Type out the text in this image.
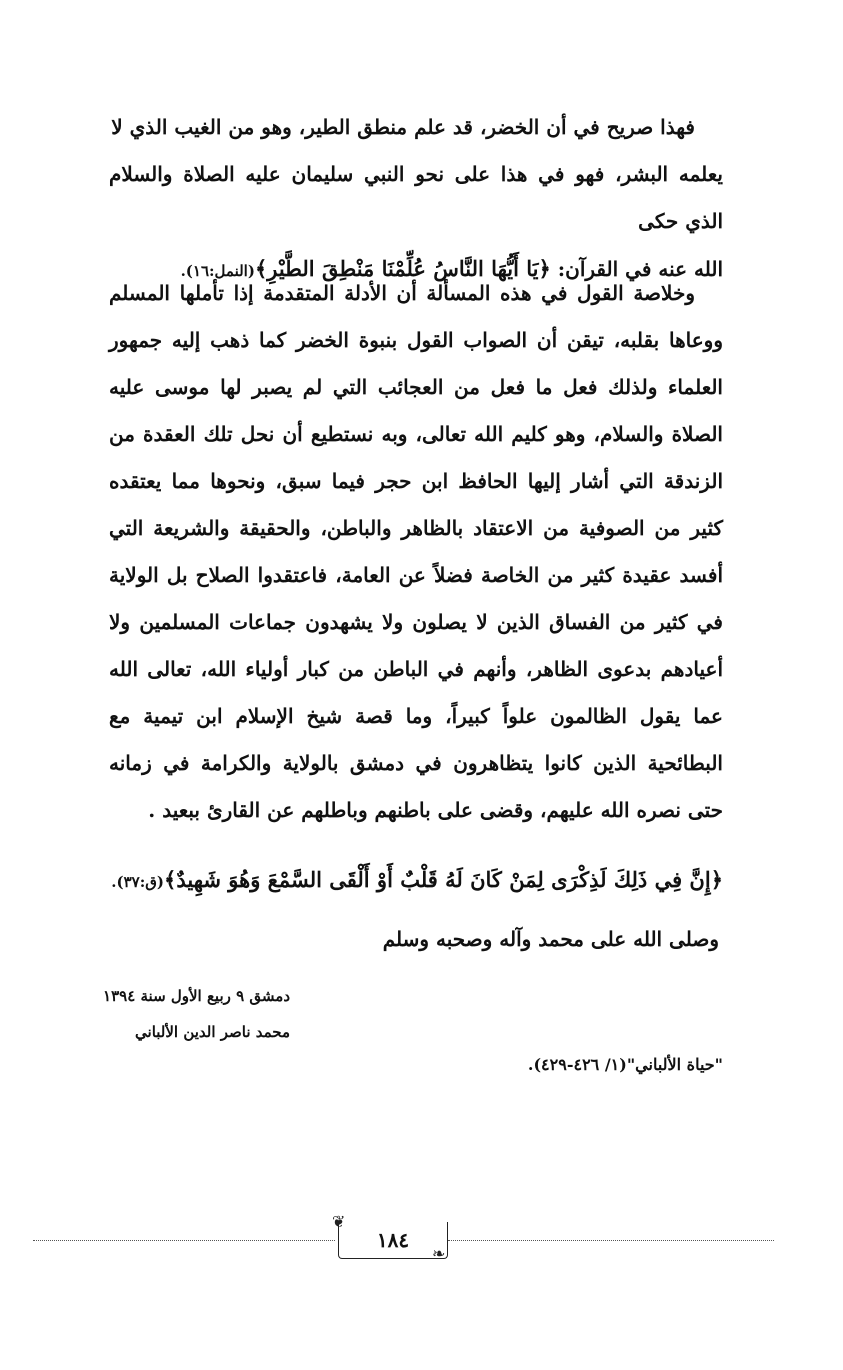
فهذا صريح في أن الخضر، قد علم منطق الطير، وهو من الغيب الذي لا

يعلمه البشر، فهو في هذا على نحو النبي سليمان عليه الصلاة والسلام الذي حكى

الله عنه في القرآن: ﴿يَا أَيُّهَا النَّاسُ عُلِّمْنَا مَنْطِقَ الطَّيْرِ﴾(النمل:١٦).

وخلاصة القول في هذه المسألة أن الأدلة المتقدمة إذا تأملها المسلم ووعاها بقلبه، تيقن أن الصواب القول بنبوة الخضر كما ذهب إليه جمهور العلماء ولذلك فعل ما فعل من العجائب التي لم يصبر لها موسى عليه الصلاة والسلام، وهو كليم الله تعالى، وبه نستطيع أن نحل تلك العقدة من الزندقة التي أشار إليها الحافظ ابن حجر فيما سبق، ونحوها مما يعتقده كثير من الصوفية من الاعتقاد بالظاهر والباطن، والحقيقة والشريعة التي أفسد عقيدة كثير من الخاصة فضلاً عن العامة، فاعتقدوا الصلاح بل الولاية في كثير من الفساق الذين لا يصلون ولا يشهدون جماعات المسلمين ولا أعيادهم بدعوى الظاهر، وأنهم في الباطن من كبار أولياء الله، تعالى الله عما يقول الظالمون علواً كبيراً، وما قصة شيخ الإسلام ابن تيمية مع البطائحية الذين كانوا يتظاهرون في دمشق بالولاية والكرامة في زمانه حتى نصره الله عليهم، وقضى على باطنهم وباطلهم عن القارئ ببعيد .

﴿إِنَّ فِي ذَلِكَ لَذِكْرَى لِمَنْ كَانَ لَهُ قَلْبٌ أَوْ أَلْقَى السَّمْعَ وَهُوَ شَهِيدٌ﴾(ق:٣٧).
وصلى الله على محمد وآله وصحبه وسلم
دمشق ٩ ربيع الأول سنة ١٣٩٤
محمد ناصر الدين الألباني
"حياة الألباني"(١/ ٤٢٦-٤٢٩).
❦
❧
١٨٤
